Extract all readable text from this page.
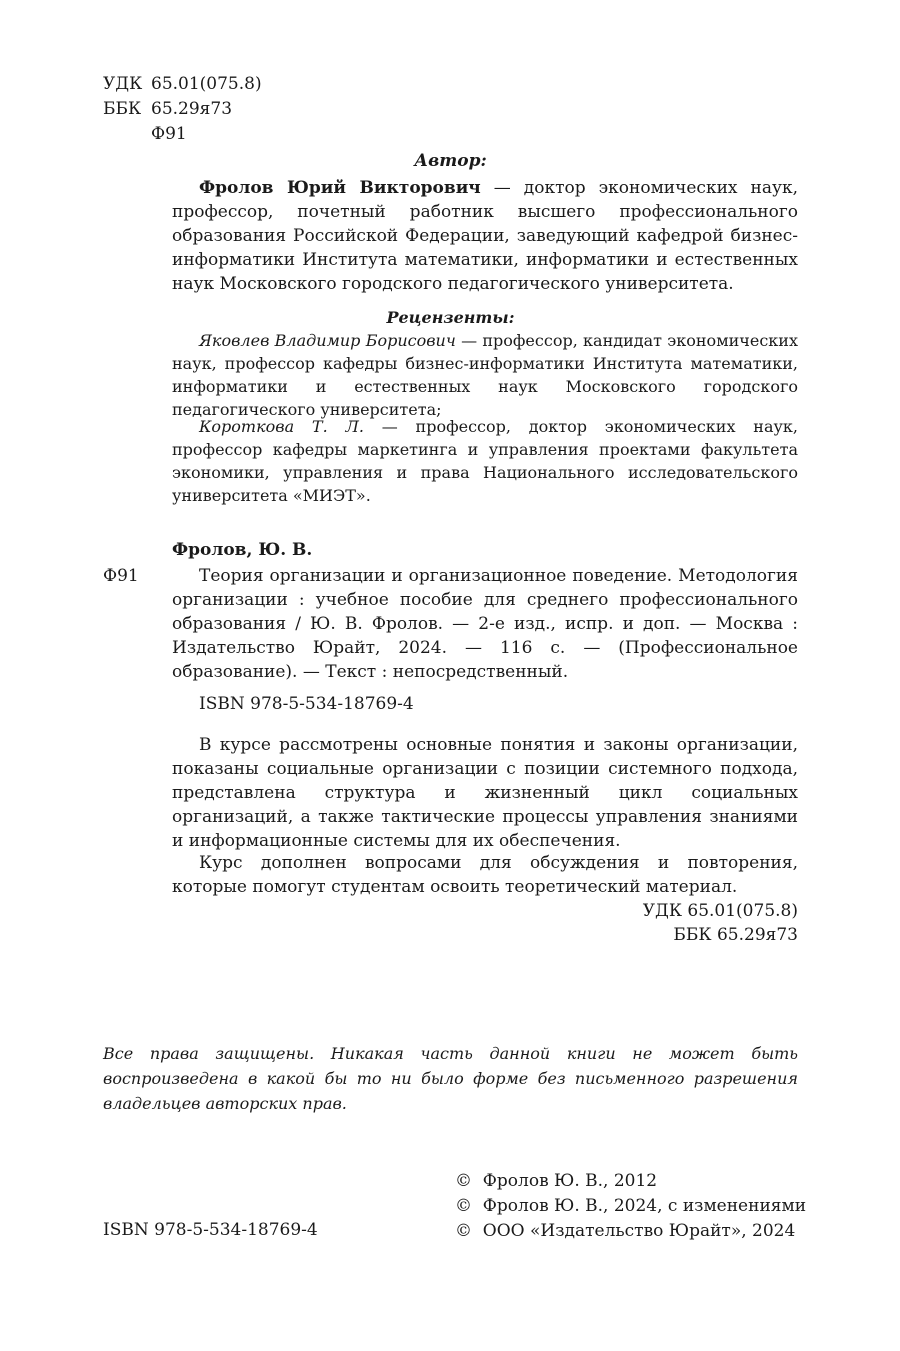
УДК 65.01(075.8)
ББК 65.29я73
Ф91
Автор:
Фролов Юрий Викторович — доктор экономических наук, профессор, почетный работник высшего профессионального образования Российской Федерации, заведующий кафедрой бизнес-информатики Института математики, информатики и естественных наук Московского городского педагогического университета.
Рецензенты:
Яковлев Владимир Борисович — профессор, кандидат экономических наук, профессор кафедры бизнес-информатики Института математики, информатики и естественных наук Московского городского педагогического университета;
Короткова Т. Л. — профессор, доктор экономических наук, профессор кафедры маркетинга и управления проектами факультета экономики, управления и права Национального исследовательского университета «МИЭТ».
Фролов, Ю. В.
Ф91	Теория организации и организационное поведение. Методология организации : учебное пособие для среднего профессионального образования / Ю. В. Фролов. — 2-е изд., испр. и доп. — Москва : Издательство Юрайт, 2024. — 116 с. — (Профессиональное образование). — Текст : непосредственный.
ISBN 978-5-534-18769-4
В курсе рассмотрены основные понятия и законы организации, показаны социальные организации с позиции системного подхода, представлена структура и жизненный цикл социальных организаций, а также тактические процессы управления знаниями и информационные системы для их обеспечения.
Курс дополнен вопросами для обсуждения и повторения, которые помогут студентам освоить теоретический материал.
УДК 65.01(075.8)
ББК 65.29я73
Все права защищены. Никакая часть данной книги не может быть воспроизведена в какой бы то ни было форме без письменного разрешения владельцев авторских прав.
ISBN 978-5-534-18769-4
©  Фролов Ю. В., 2012
©  Фролов Ю. В., 2024, с изменениями
©  ООО «Издательство Юрайт», 2024
